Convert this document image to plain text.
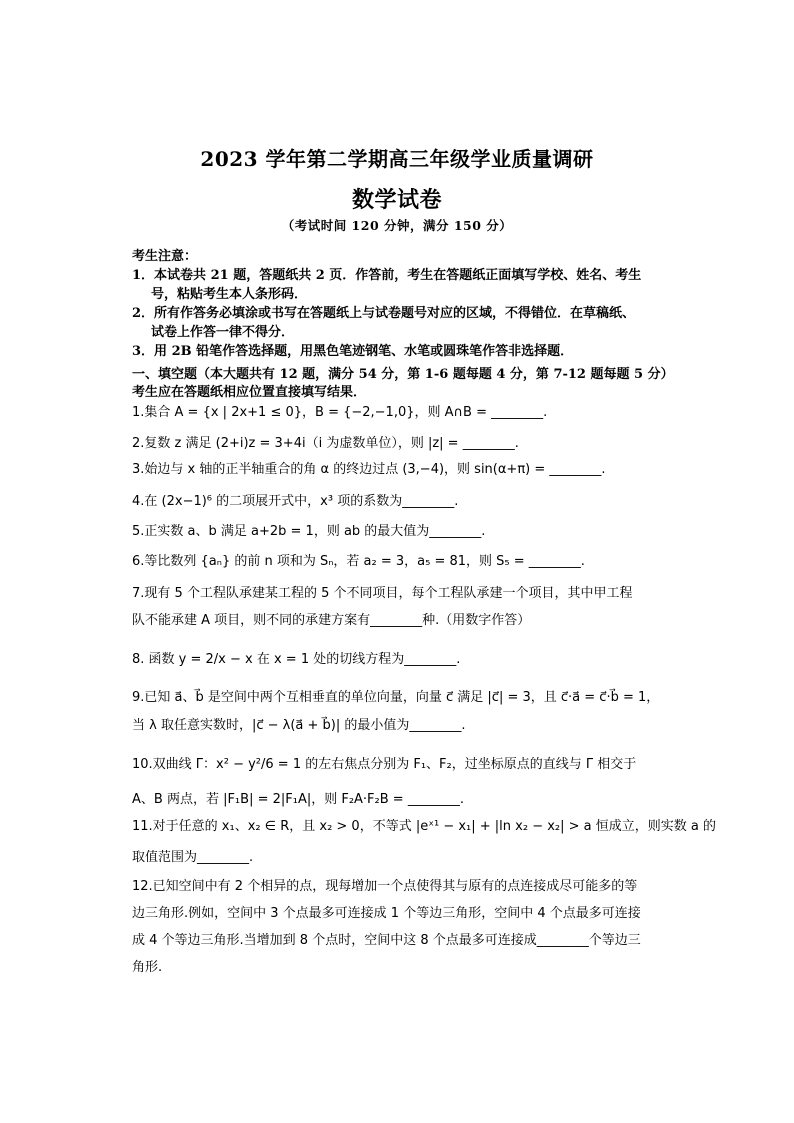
2023 学年第二学期高三年级学业质量调研
数学试卷
（考试时间 120 分钟，满分 150 分）
考生注意：
1．本试卷共 21 题，答题纸共 2 页．作答前，考生在答题纸正面填写学校、姓名、考生
号，粘贴考生本人条形码．
2．所有作答务必填涂或书写在答题纸上与试卷题号对应的区域，不得错位．在草稿纸、
试卷上作答一律不得分．
3．用 2B 铅笔作答选择题，用黑色笔迹钢笔、水笔或圆珠笔作答非选择题．
一、填空题（本大题共有 12 题，满分 54 分，第 1-6 题每题 4 分，第 7-12 题每题 5 分）
考生应在答题纸相应位置直接填写结果．
1.集合 A = {x | 2x+1 ≤ 0}，B = {−2,−1,0}，则 A∩B = ________.
2.复数 z 满足 (2+i)z = 3+4i（i 为虚数单位），则 |z| = ________.
3.始边与 x 轴的正半轴重合的角 α 的终边过点 (3,−4)，则 sin(α+π) = ________.
4.在 (2x−1)⁶ 的二项展开式中，x³ 项的系数为________.
5.正实数 a、b 满足 a+2b = 1，则 ab 的最大值为________.
6.等比数列 {aₙ} 的前 n 项和为 Sₙ，若 a₂ = 3，a₅ = 81，则 S₅ = ________.
7.现有 5 个工程队承建某工程的 5 个不同项目，每个工程队承建一个项目，其中甲工程
队不能承建 A 项目，则不同的承建方案有________种.（用数字作答）
8. 函数 y = 2/x − x 在 x = 1 处的切线方程为________.
9.已知 a⃗、b⃗ 是空间中两个互相垂直的单位向量，向量 c⃗ 满足 |c⃗| = 3，且 c⃗·a⃗ = c⃗·b⃗ = 1，
当 λ 取任意实数时，|c⃗ − λ(a⃗ + b⃗)| 的最小值为________.
10.双曲线 Γ：x² − y²/6 = 1 的左右焦点分别为 F₁、F₂，过坐标原点的直线与 Γ 相交于
A、B 两点，若 |F₁B| = 2|F₁A|，则 F₂A·F₂B = ________.
11.对于任意的 x₁、x₂ ∈ R，且 x₂ > 0，不等式 |eˣ¹ − x₁| + |ln x₂ − x₂| > a 恒成立，则实数 a 的
取值范围为________.
12.已知空间中有 2 个相异的点，现每增加一个点使得其与原有的点连接成尽可能多的等
边三角形.例如，空间中 3 个点最多可连接成 1 个等边三角形，空间中 4 个点最多可连接
成 4 个等边三角形.当增加到 8 个点时，空间中这 8 个点最多可连接成________个等边三
角形.
